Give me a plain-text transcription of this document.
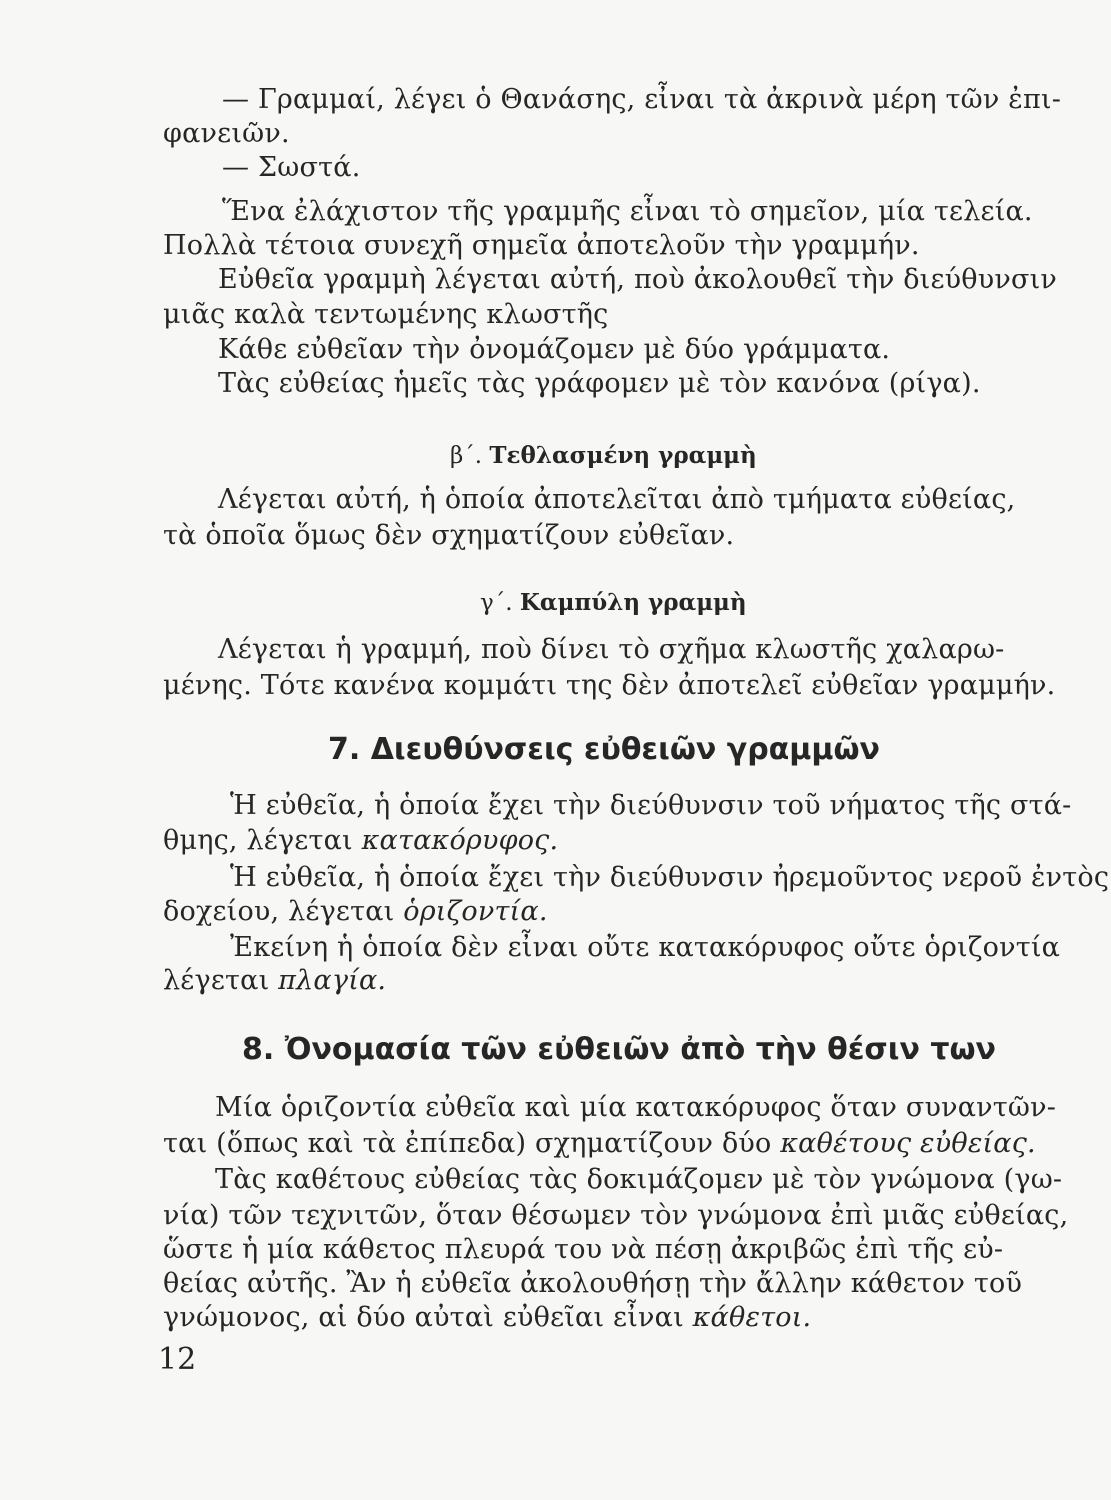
— Γραμμαί, λέγει ὁ Θανάσης, εἶναι τὰ ἀκρινὰ μέρη τῶν ἐπι-
φανειῶν.
— Σωστά.
Ἕνα ἐλάχιστον τῆς γραμμῆς εἶναι τὸ σημεῖον, μία τελεία.
Πολλὰ τέτοια συνεχῆ σημεῖα ἀποτελοῦν τὴν γραμμήν.
Εὐθεῖα γραμμὴ λέγεται αὐτή, ποὺ ἀκολουθεῖ τὴν διεύθυνσιν
μιᾶς καλὰ τεντωμένης κλωστῆς
Κάθε εὐθεῖαν τὴν ὀνομάζομεν μὲ δύο γράμματα.
Τὰς εὐθείας ἡμεῖς τὰς γράφομεν μὲ τὸν κανόνα (ρίγα).
β΄. Τεθλασμένη γραμμὴ
Λέγεται αὐτή, ἡ ὁποία ἀποτελεῖται ἀπὸ τμήματα εὐθείας,
τὰ ὁποῖα ὅμως δὲν σχηματίζουν εὐθεῖαν.
γ΄. Καμπύλη γραμμὴ
Λέγεται ἡ γραμμή, ποὺ δίνει τὸ σχῆμα κλωστῆς χαλαρω-
μένης. Τότε κανένα κομμάτι της δὲν ἀποτελεῖ εὐθεῖαν γραμμήν.
7. Διευθύνσεις εὐθειῶν γραμμῶν
Ἡ εὐθεῖα, ἡ ὁποία ἔχει τὴν διεύθυνσιν τοῦ νήματος τῆς στά-
θμης, λέγεται κατακόρυφος.
Ἡ εὐθεῖα, ἡ ὁποία ἔχει τὴν διεύθυνσιν ἠρεμοῦντος νεροῦ ἐντὸς
δοχείου, λέγεται ὁριζοντία.
Ἐκείνη ἡ ὁποία δὲν εἶναι οὔτε κατακόρυφος οὔτε ὁριζοντία
λέγεται πλαγία.
8. Ὀνομασία τῶν εὐθειῶν ἀπὸ τὴν θέσιν των
Μία ὁριζοντία εὐθεῖα καὶ μία κατακόρυφος ὅταν συναντῶν-
ται (ὅπως καὶ τὰ ἐπίπεδα) σχηματίζουν δύο καθέτους εὐθείας.
Τὰς καθέτους εὐθείας τὰς δοκιμάζομεν μὲ τὸν γνώμονα (γω-
νία) τῶν τεχνιτῶν, ὅταν θέσωμεν τὸν γνώμονα ἐπὶ μιᾶς εὐθείας,
ὥστε ἡ μία κάθετος πλευρά του νὰ πέσῃ ἀκριβῶς ἐπὶ τῆς εὐ-
θείας αὐτῆς. Ἂν ἡ εὐθεῖα ἀκολουθήσῃ τὴν ἄλλην κάθετον τοῦ
γνώμονος, αἱ δύο αὐταὶ εὐθεῖαι εἶναι κάθετοι.
12
